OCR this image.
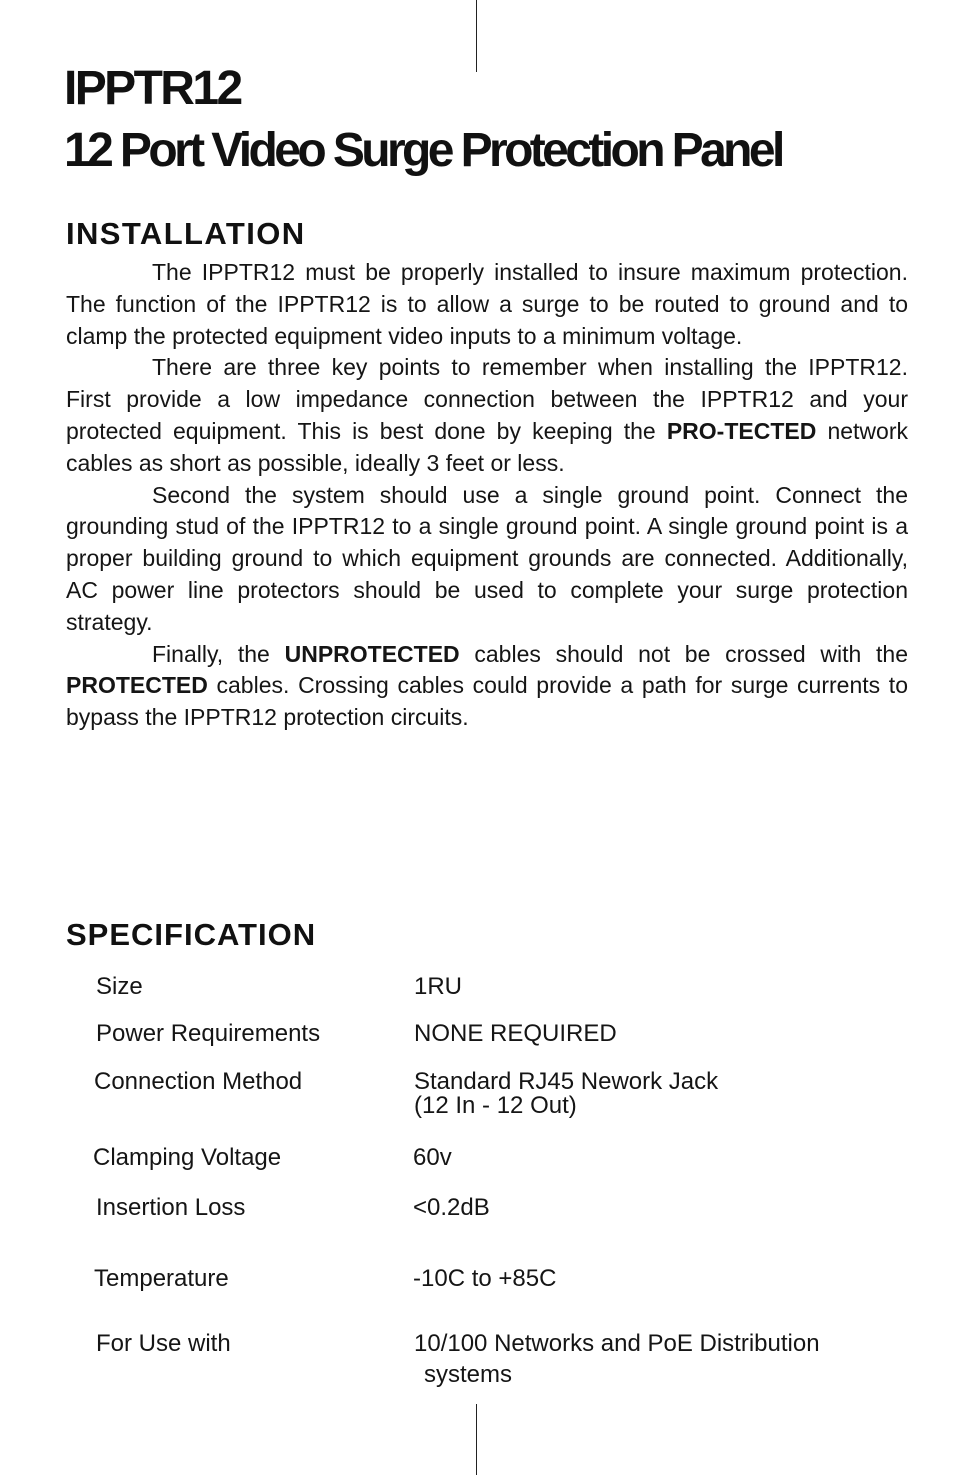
IPPTR12
12 Port Video Surge Protection Panel
INSTALLATION

The IPPTR12 must be properly installed to insure maximum protection. The function of the IPPTR12 is to allow a surge to be routed to ground and to clamp the protected equipment video inputs to a minimum voltage.

There are three key points to remember when installing the IPPTR12. First provide a low impedance connection between the IPPTR12 and your protected equipment. This is best done by keeping the PRO-TECTED network cables as short as possible, ideally 3 feet or less.

Second the system should use a single ground point. Connect the grounding stud of the IPPTR12 to a single ground point. A single ground point is a proper building ground to which equipment grounds are connected. Additionally, AC power line protectors should be used to complete your surge protection strategy.

Finally, the UNPROTECTED cables should not be crossed with the PROTECTED cables. Crossing cables could provide a path for surge currents to bypass the IPPTR12 protection circuits.

SPECIFICATION
Size	1RU
Power Requirements	NONE REQUIRED
Connection Method	Standard RJ45 Nework Jack
(12 In - 12 Out)
Clamping Voltage	60v
Insertion Loss	<0.2dB
Temperature	-10C to +85C
For Use with	10/100 Networks and PoE Distribution
systems
